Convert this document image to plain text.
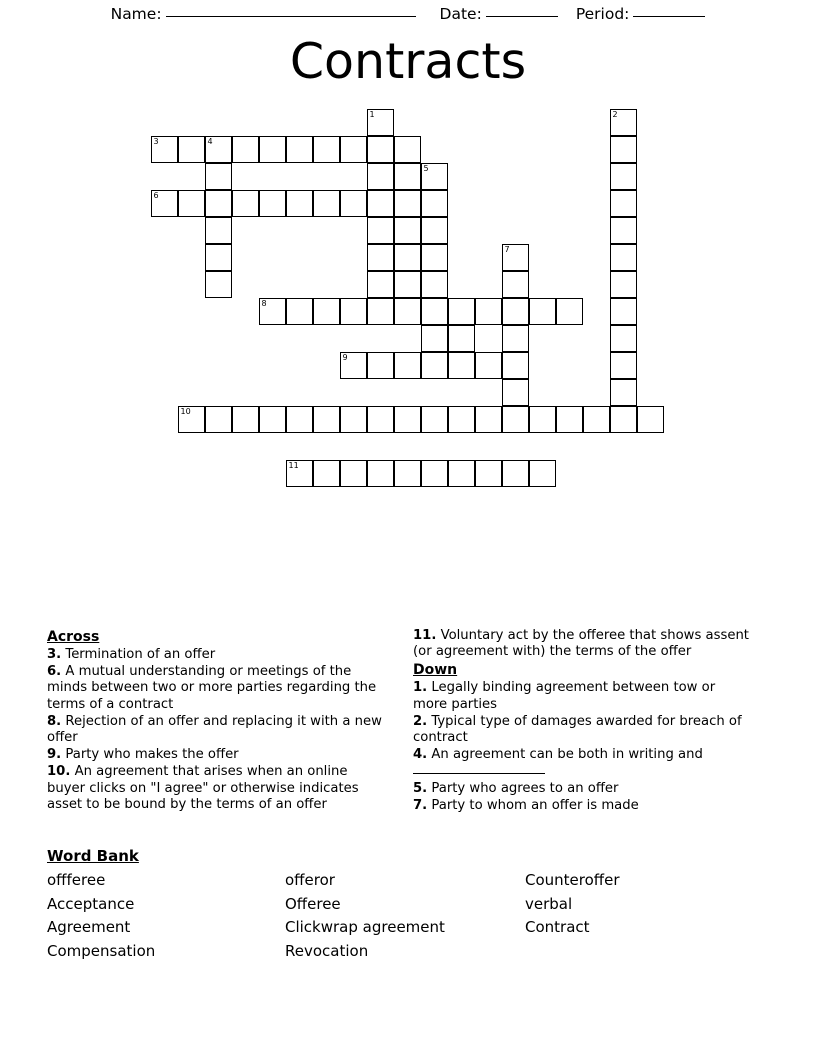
Name:	Date:	Period:
Contracts
1	2
3	4
5
6
7
8
9
10
11
Across
3. Termination of an offer
6. A mutual understanding or meetings of the minds between two or more parties regarding the terms of a contract
8. Rejection of an offer and replacing it with a new offer
9. Party who makes the offer
10. An agreement that arises when an online buyer clicks on "I agree" or otherwise indicates asset to be bound by the terms of an offer
11. Voluntary act by the offeree that shows assent (or agreement with) the terms of the offer
Down
1. Legally binding agreement between tow or more parties
2. Typical type of damages awarded for breach of contract
4. An agreement can be both in writing and

5. Party who agrees to an offer
7. Party to whom an offer is made
Word Bank
offferee	offeror	Counteroffer
Acceptance	Offeree	verbal
Agreement	Clickwrap agreement	Contract
Compensation	Revocation
